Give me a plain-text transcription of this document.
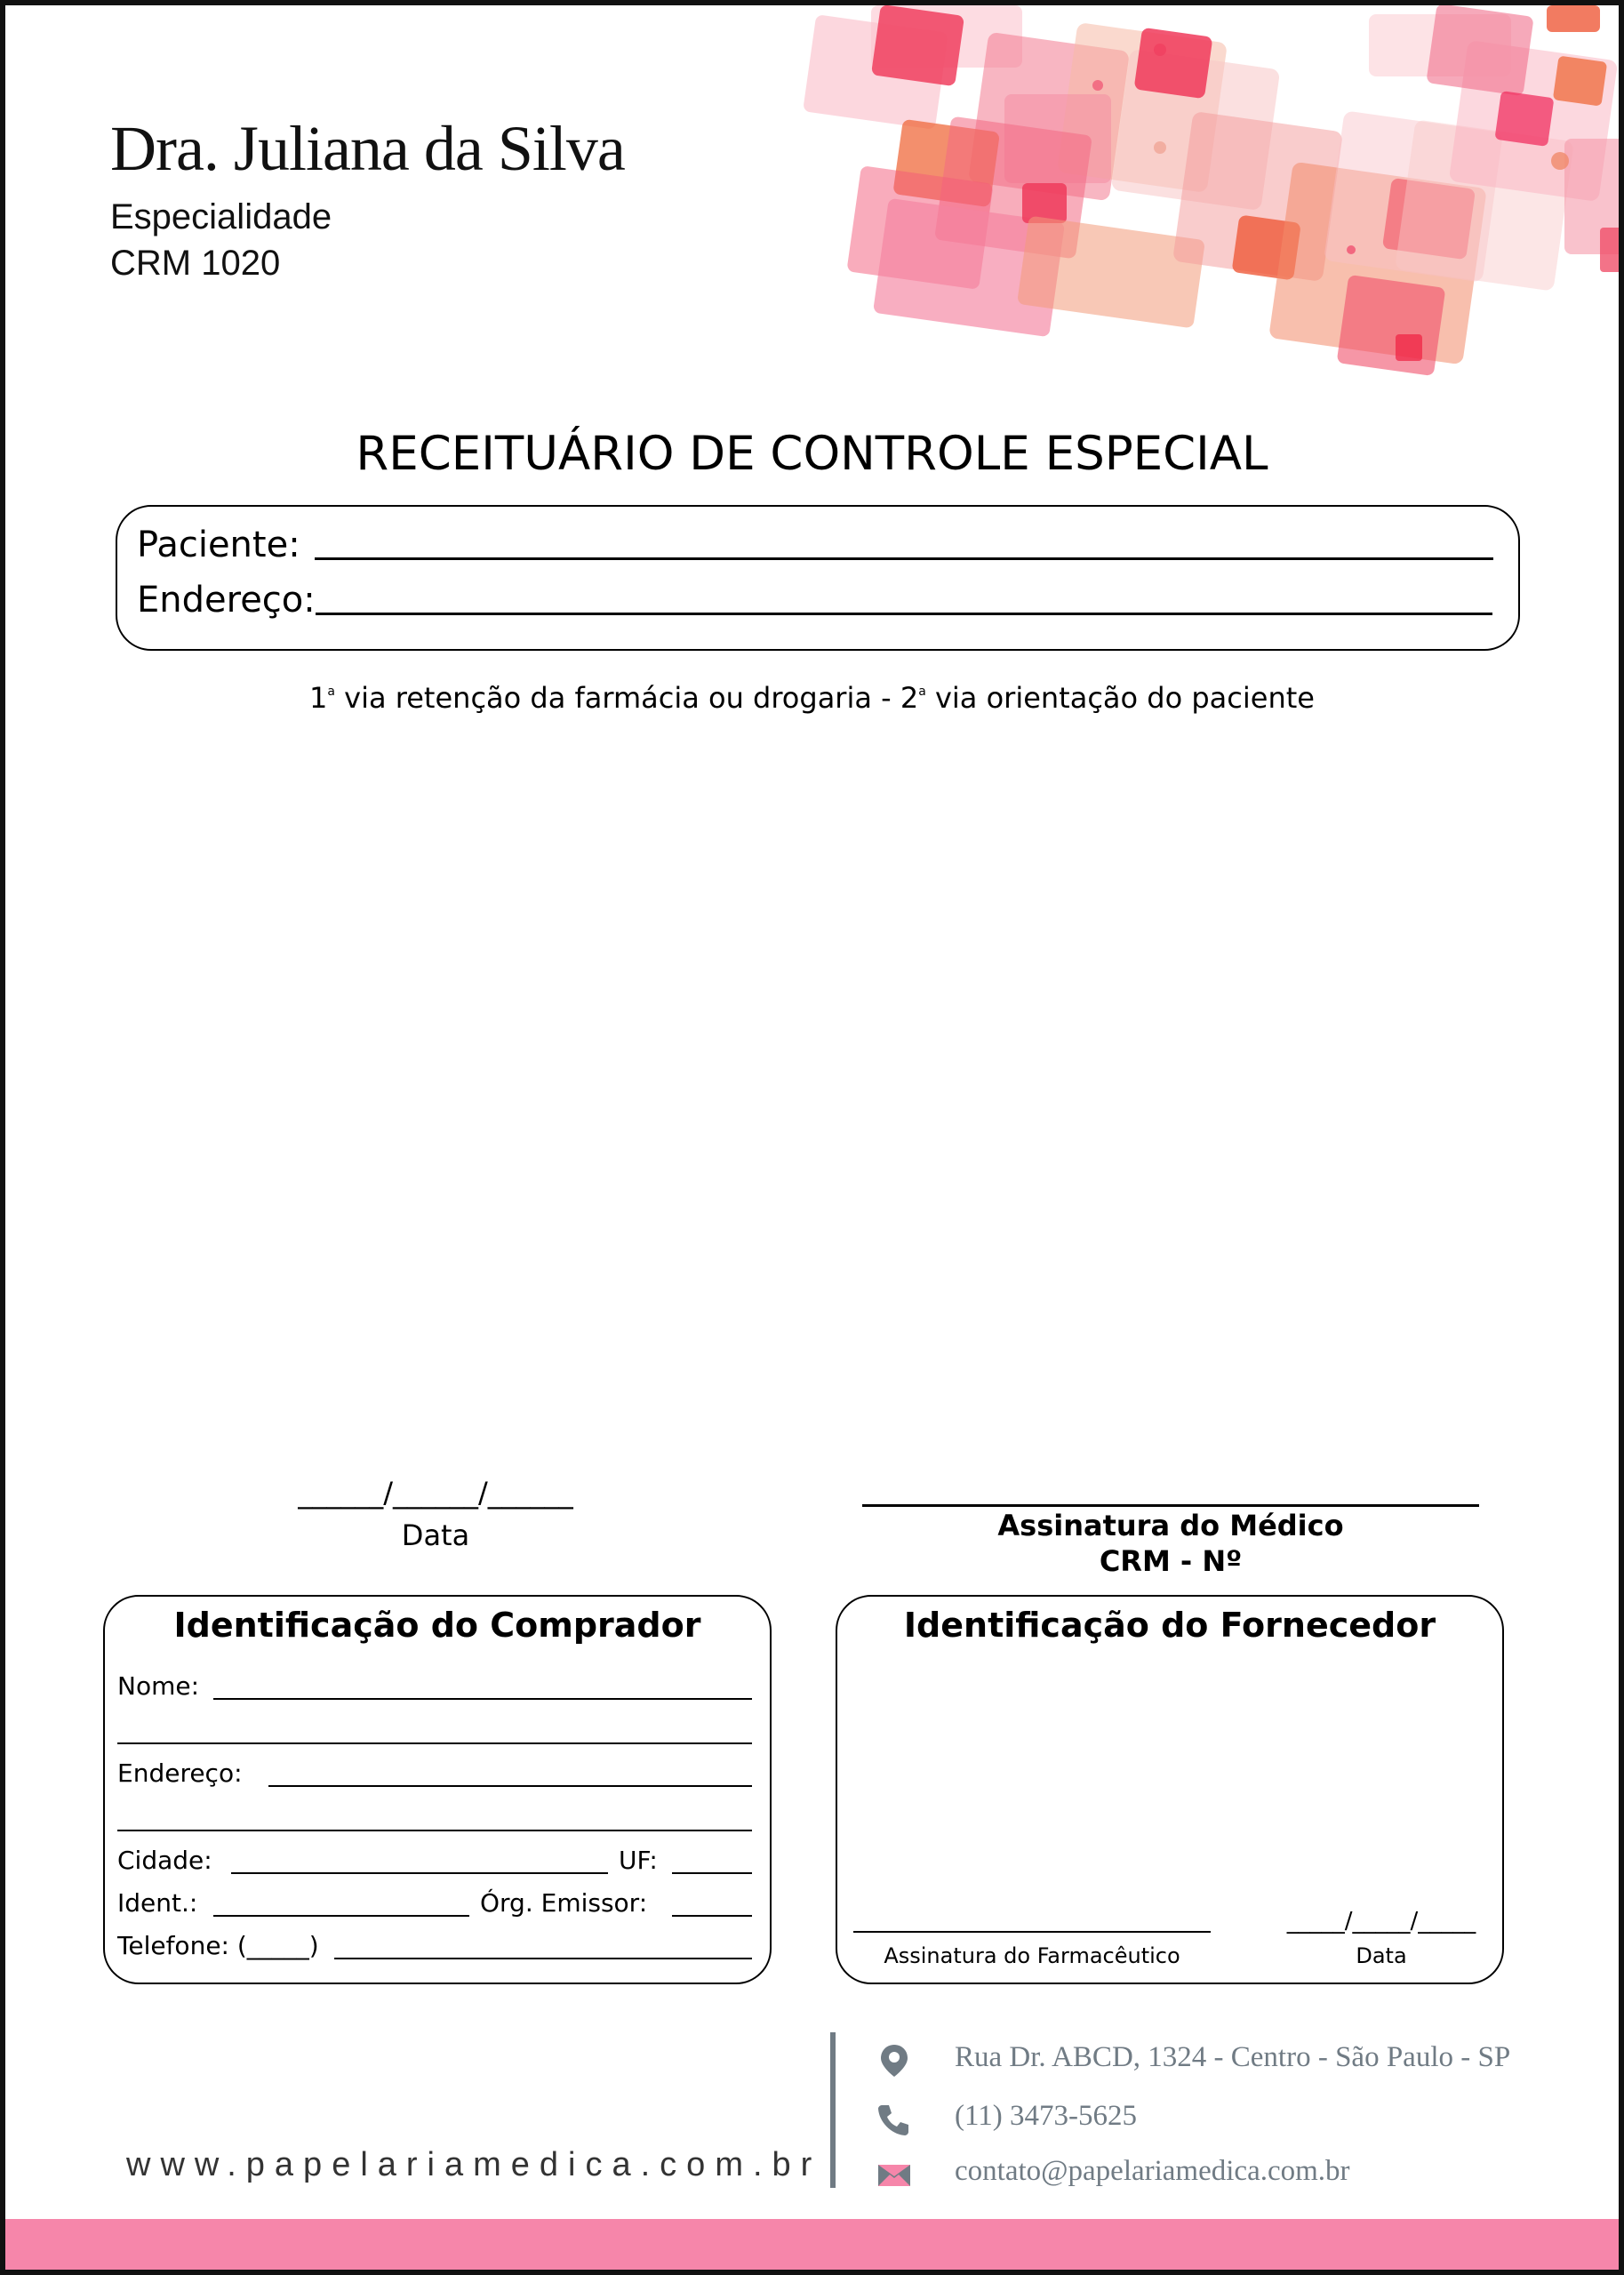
Dra. Juliana da Silva
Especialidade
CRM 1020
RECEITUÁRIO DE CONTROLE ESPECIAL
Paciente:
Endereço:
1$^a$ via retenção da farmácia ou drogaria - 2$^a$ via orientação do paciente
______/______/______
Data	Assinatura do Médico
CRM - Nº
Identificação do Comprador
Nome:
Endereço:
Cidade:	UF:
Ident.:	Órg. Emissor:
Telefone: (_____)
Identificação do Fornecedor
Assinatura do Farmacêutico
_____/_____/_____
Data
www.papelariamedica.com.br
Rua Dr. ABCD, 1324 - Centro - São Paulo - SP
(11) 3473-5625
contato@papelariamedica.com.br
